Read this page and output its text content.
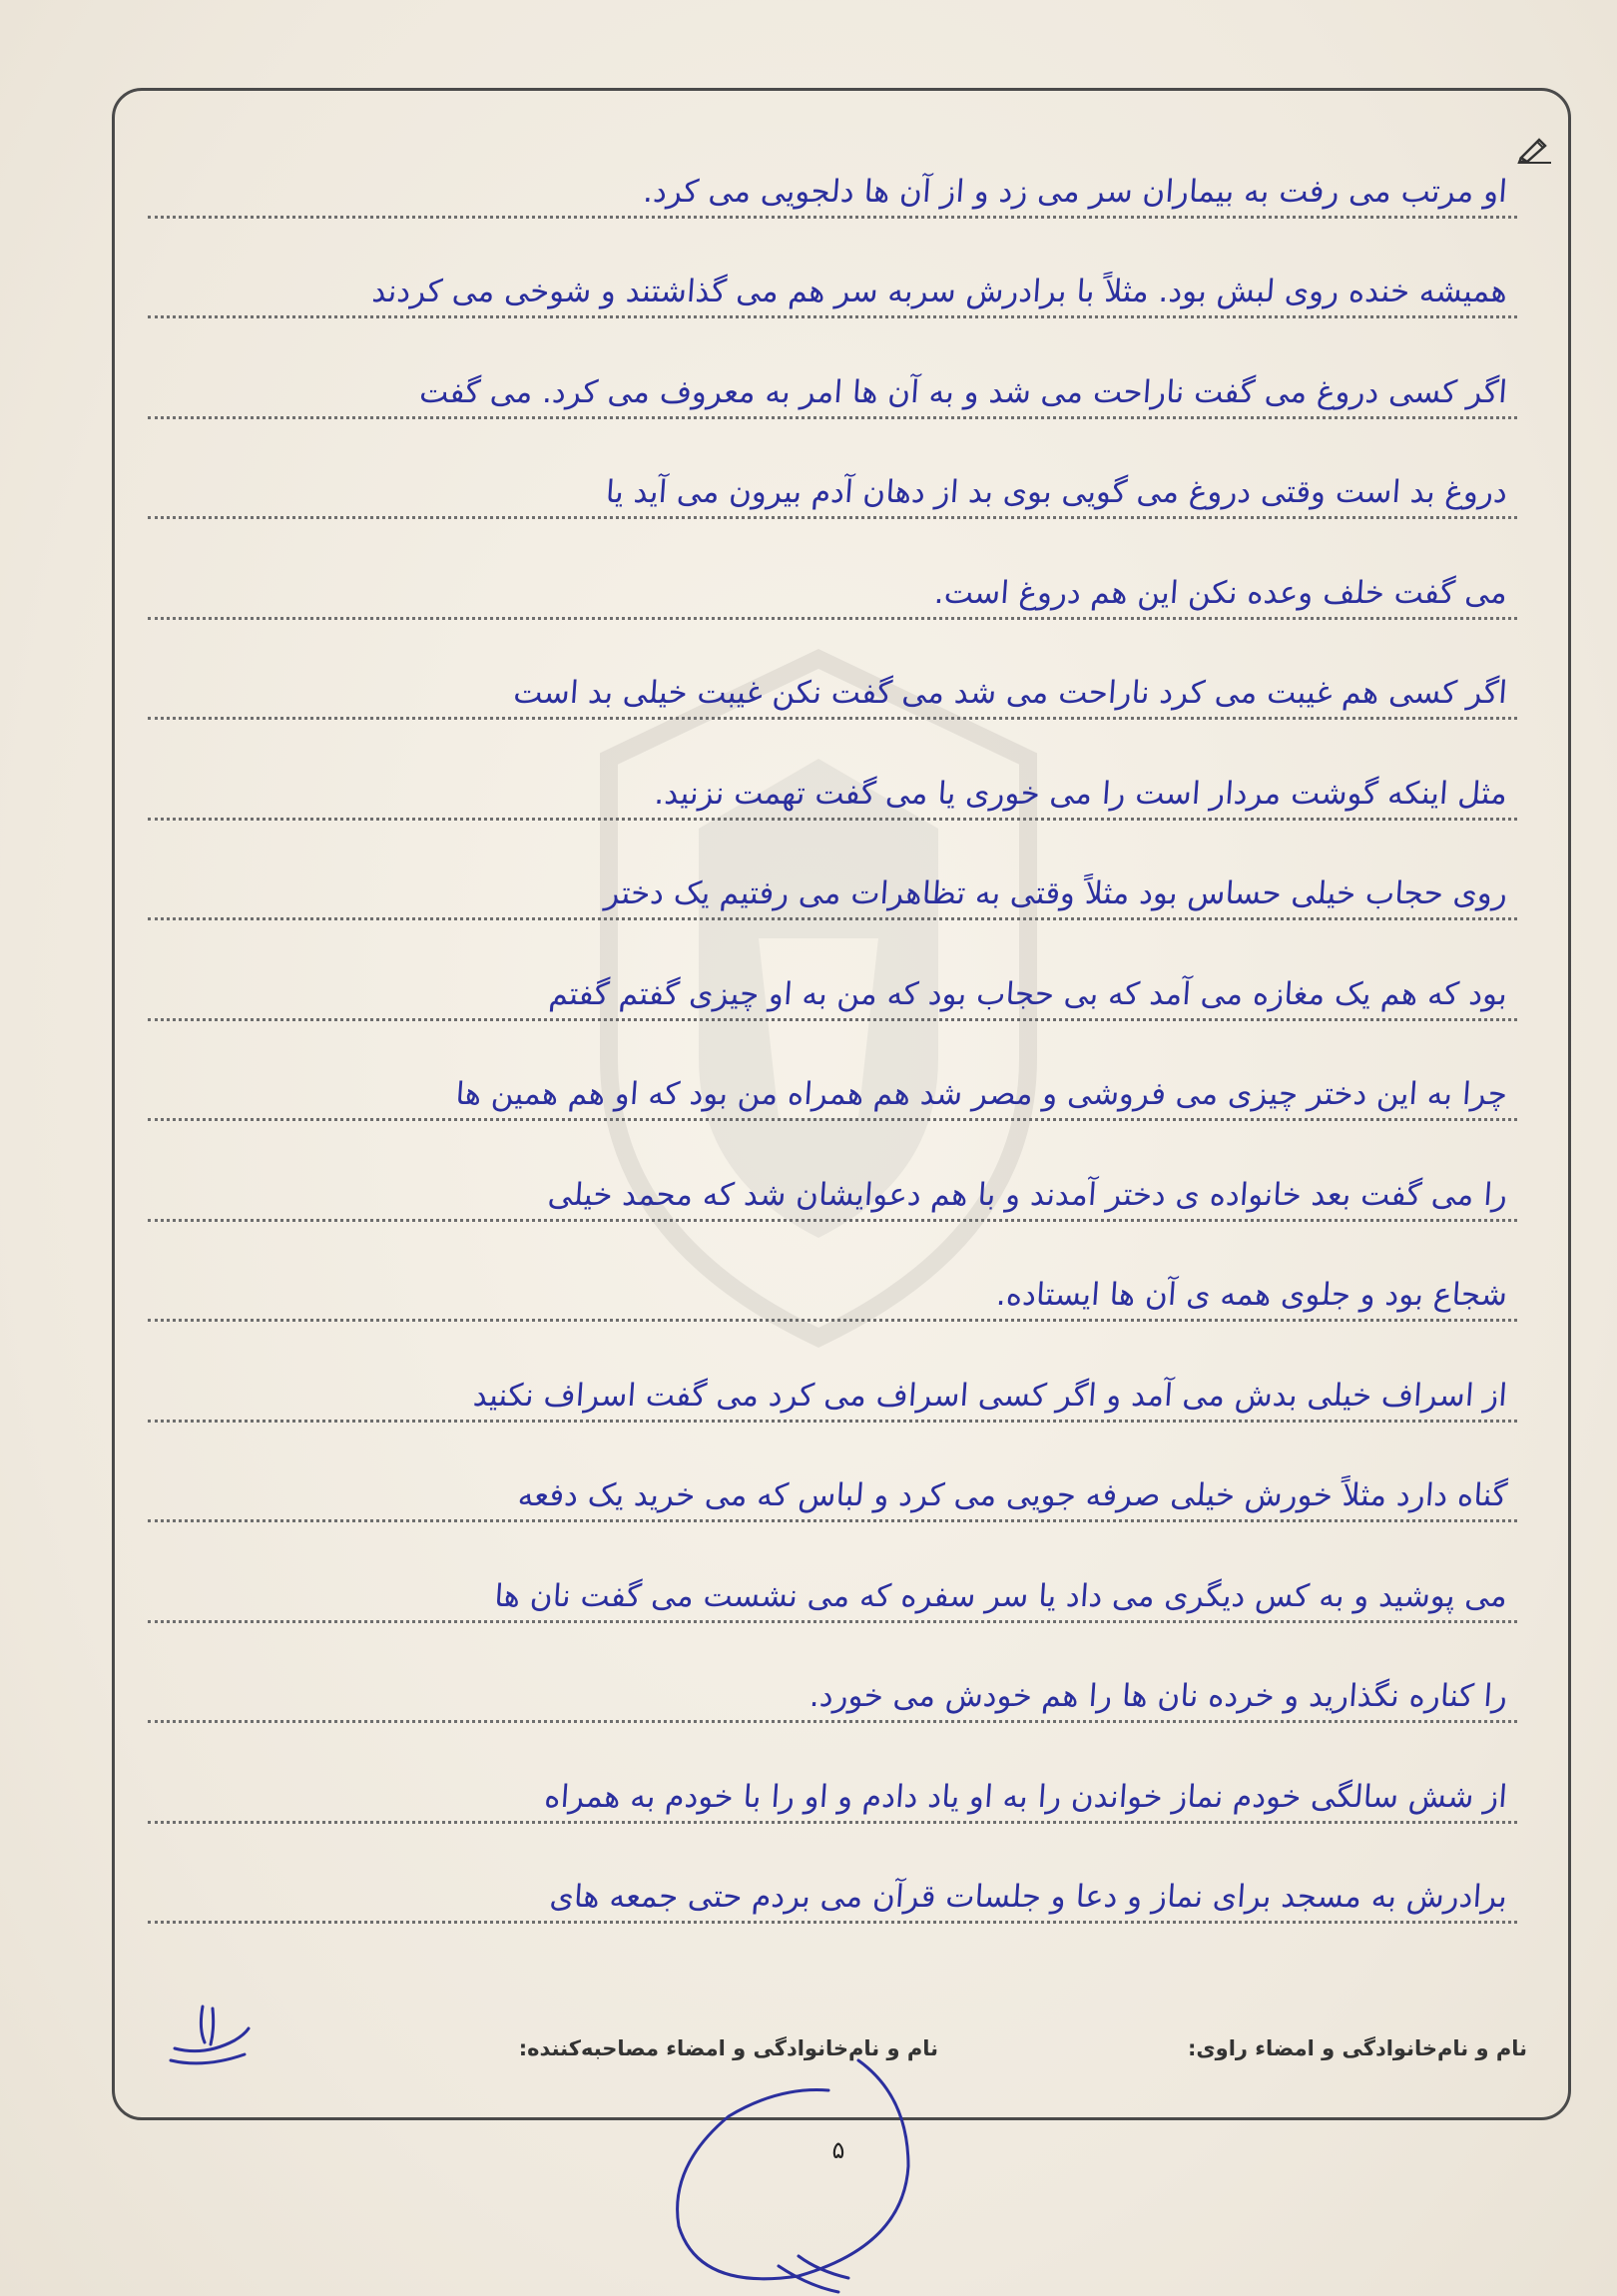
او مرتب می رفت به بیماران سر می زد و از آن ها دلجویی می کرد.
همیشه خنده روی لبش بود. مثلاً با برادرش سربه سر هم می گذاشتند و شوخی می کردند
اگر کسی دروغ می گفت ناراحت می شد و به آن ها امر به معروف می کرد. می گفت
دروغ بد است وقتی دروغ می گویی بوی بد از دهان آدم بیرون می آید یا
می گفت خلف وعده نکن این هم دروغ است.
اگر کسی هم غیبت می کرد ناراحت می شد می گفت نکن غیبت خیلی بد است
مثل اینکه گوشت مردار است را می خوری یا می گفت تهمت نزنید.
روی حجاب خیلی حساس بود مثلاً وقتی به تظاهرات می رفتیم یک دختر
بود که هم یک مغازه می آمد که بی حجاب بود که من به او چیزی گفتم گفتم
چرا به این دختر چیزی می فروشی و مصر شد هم همراه من بود که او هم همین ها
را می گفت بعد خانواده ی دختر آمدند و با هم دعوایشان شد که محمد خیلی
شجاع بود و جلوی همه ی آن ها ایستاده.
از اسراف خیلی بدش می آمد و اگر کسی اسراف می کرد می گفت اسراف نکنید
گناه دارد مثلاً خورش خیلی صرفه جویی می کرد و لباس که می خرید یک دفعه
می پوشید و به کس دیگری می داد یا سر سفره که می نشست می گفت نان ها
را کناره نگذارید و خرده نان ها را هم خودش می خورد.
از شش سالگی خودم نماز خواندن را به او یاد دادم و او را با خودم به همراه
برادرش به مسجد برای نماز و دعا و جلسات قرآن می بردم حتی جمعه های
نام و نام‌خانوادگی و امضاء راوی:
نام و نام‌خانوادگی و امضاء مصاحبه‌کننده:
۵
